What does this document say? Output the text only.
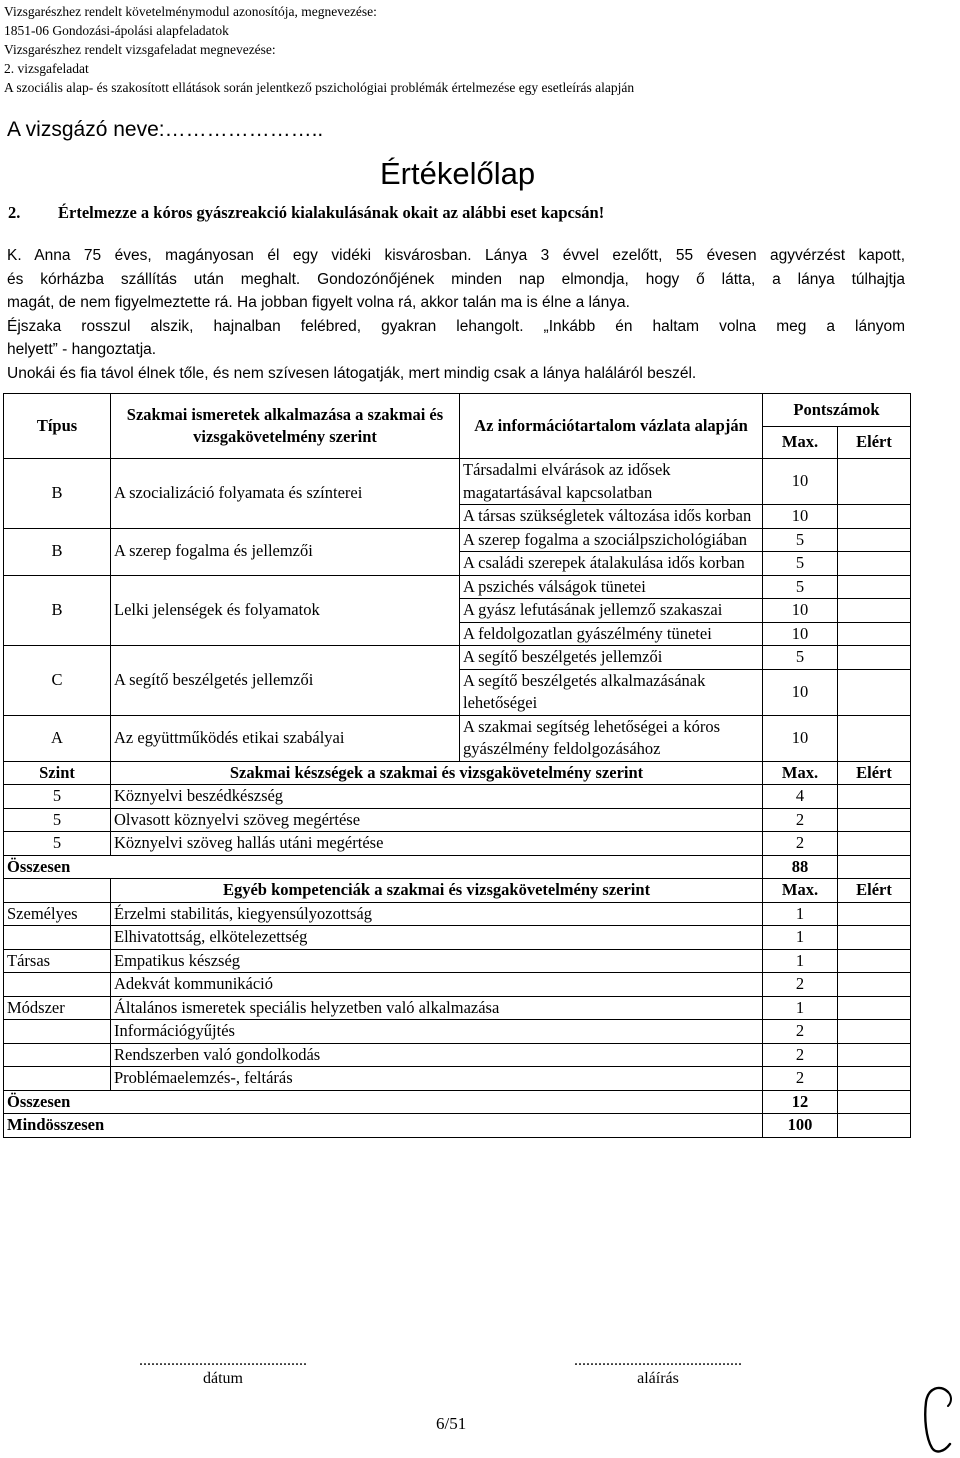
Vizsgarészhez rendelt követelménymodul azonosítója, megnevezése:
1851-06 Gondozási-ápolási alapfeladatok
Vizsgarészhez rendelt vizsgafeladat megnevezése:
2. vizsgafeladat
A szociális alap- és szakosított ellátások során jelentkező pszichológiai problémák értelmezése egy esetleírás alapján
A vizsgázó neve:…………………..
Értékelőlap
2. Értelmezze a kóros gyászreakció kialakulásának okait az alábbi eset kapcsán!

K. Anna 75 éves, magányosan él egy vidéki kisvárosban. Lánya 3 évvel ezelőtt, 55 évesen agyvérzést kapott,

és kórházba szállítás után meghalt. Gondozónőjének minden nap elmondja, hogy ő látta, a lánya túlhajtja

magát, de nem figyelmeztette rá. Ha jobban figyelt volna rá, akkor talán ma is élne a lánya.

Éjszaka rosszul alszik, hajnalban felébred, gyakran lehangolt. „Inkább én haltam volna meg a lányom

helyett” - hangoztatja.

Unokái és fia távol élnek tőle, és nem szívesen látogatják, mert mindig csak a lánya haláláról beszél.

Típus	Szakmai ismeretek alkalmazása a szakmai és vizsgakövetelmény szerint	Az információtartalom vázlata alapján	Pontszámok	
			Max.	Elért
B	A szocializáció folyamata és színterei	Társadalmi elvárások az idősek magatartásával kapcsolatban	10	

		A társas szükségletek változása idős korban	10	

B	A szerep fogalma és jellemzői	A szerep fogalma a szociálpszichológiában	5	
		A családi szerepek átalakulása idős korban	5	
B	Lelki jelenségek és folyamatok	A pszichés válságok tünetei	5	
		A gyász lefutásának jellemző szakaszai	10	
		A feldolgozatlan gyászélmény tünetei	10	
C	A segítő beszélgetés jellemzői	A segítő beszélgetés jellemzői	5	
		A segítő beszélgetés alkalmazásának lehetőségei	10	
A	Az együttműködés etikai szabályai	A szakmai segítség lehetőségei a kóros gyászélmény feldolgozásához	10	
Szint	Szakmai készségek a szakmai és vizsgakövetelmény szerint		Max.	Elért
5	Köznyelvi beszédkészség		4	
5	Olvasott köznyelvi szöveg megértése		2	
5	Köznyelvi szöveg hallás utáni megértése		2	
Összesen			88	
	Egyéb kompetenciák a szakmai és vizsgakövetelmény szerint		Max.	Elért
Személyes	Érzelmi stabilitás, kiegyensúlyozottság		1	
	Elhivatottság, elkötelezettség		1	
Társas	Empatikus készség		1	
	Adekvát kommunikáció		2	
Módszer	Általános ismeretek speciális helyzetben való alkalmazása		1	
	Információgyűjtés		2	
	Rendszerben való gondolkodás		2	
	Problémaelemzés-, feltárás		2	
Összesen			12	
Mindösszesen			100	
..........................................
dátum
..........................................
aláírás
6/51
